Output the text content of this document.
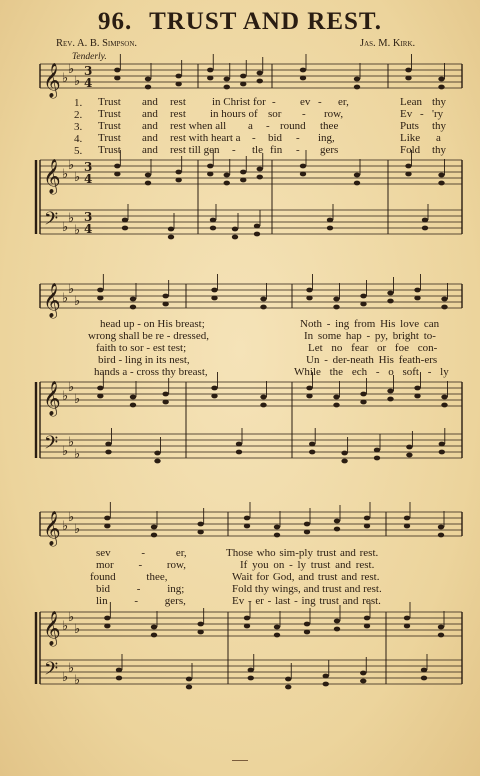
96. TRUST AND REST.
Rev. A. B. Simpson.	Jas. M. Kirk.
Tenderly.
𝄞
𝄞
𝄢
♭
♭
♭
♭
♭
♭
♭
♭
♭
3
4
3
4
3
4
𝄞
𝄞
𝄢
♭
♭
♭
♭
♭
♭
♭
♭
♭
𝄞
𝄞
𝄢
♭
♭
♭
♭
♭
♭
♭
♭
♭
1.
2.
3.
4.
5.
Trust and rest in Christ for - ev - er,	Lean thy
Trust and rest in hours of sor - row,	Ev - 'ry
Trust and rest when all a - round thee	Puts thy
Trust and rest with heart a - bid - ing,	Like a
Trust and rest till gen - tle fin - gers	Fold thy
head up - on His breast;
wrong shall be re - dressed,
faith to sor - est test;
bird - ling in its nest,
hands a - cross thy breast,
Noth - ing from His love can
In some hap - py, bright to-
Let no fear or foe con-
Un - der-neath His feath-ers
While the ech - o soft - ly
sev - er,
mor - row,
found thee,
bid - ing;
lin - gers,
Those who sim-ply trust and rest.
If you on - ly trust and rest.
Wait for God, and trust and rest.
Fold thy wings, and trust and rest.
Ev - er - last - ing trust and rest.
